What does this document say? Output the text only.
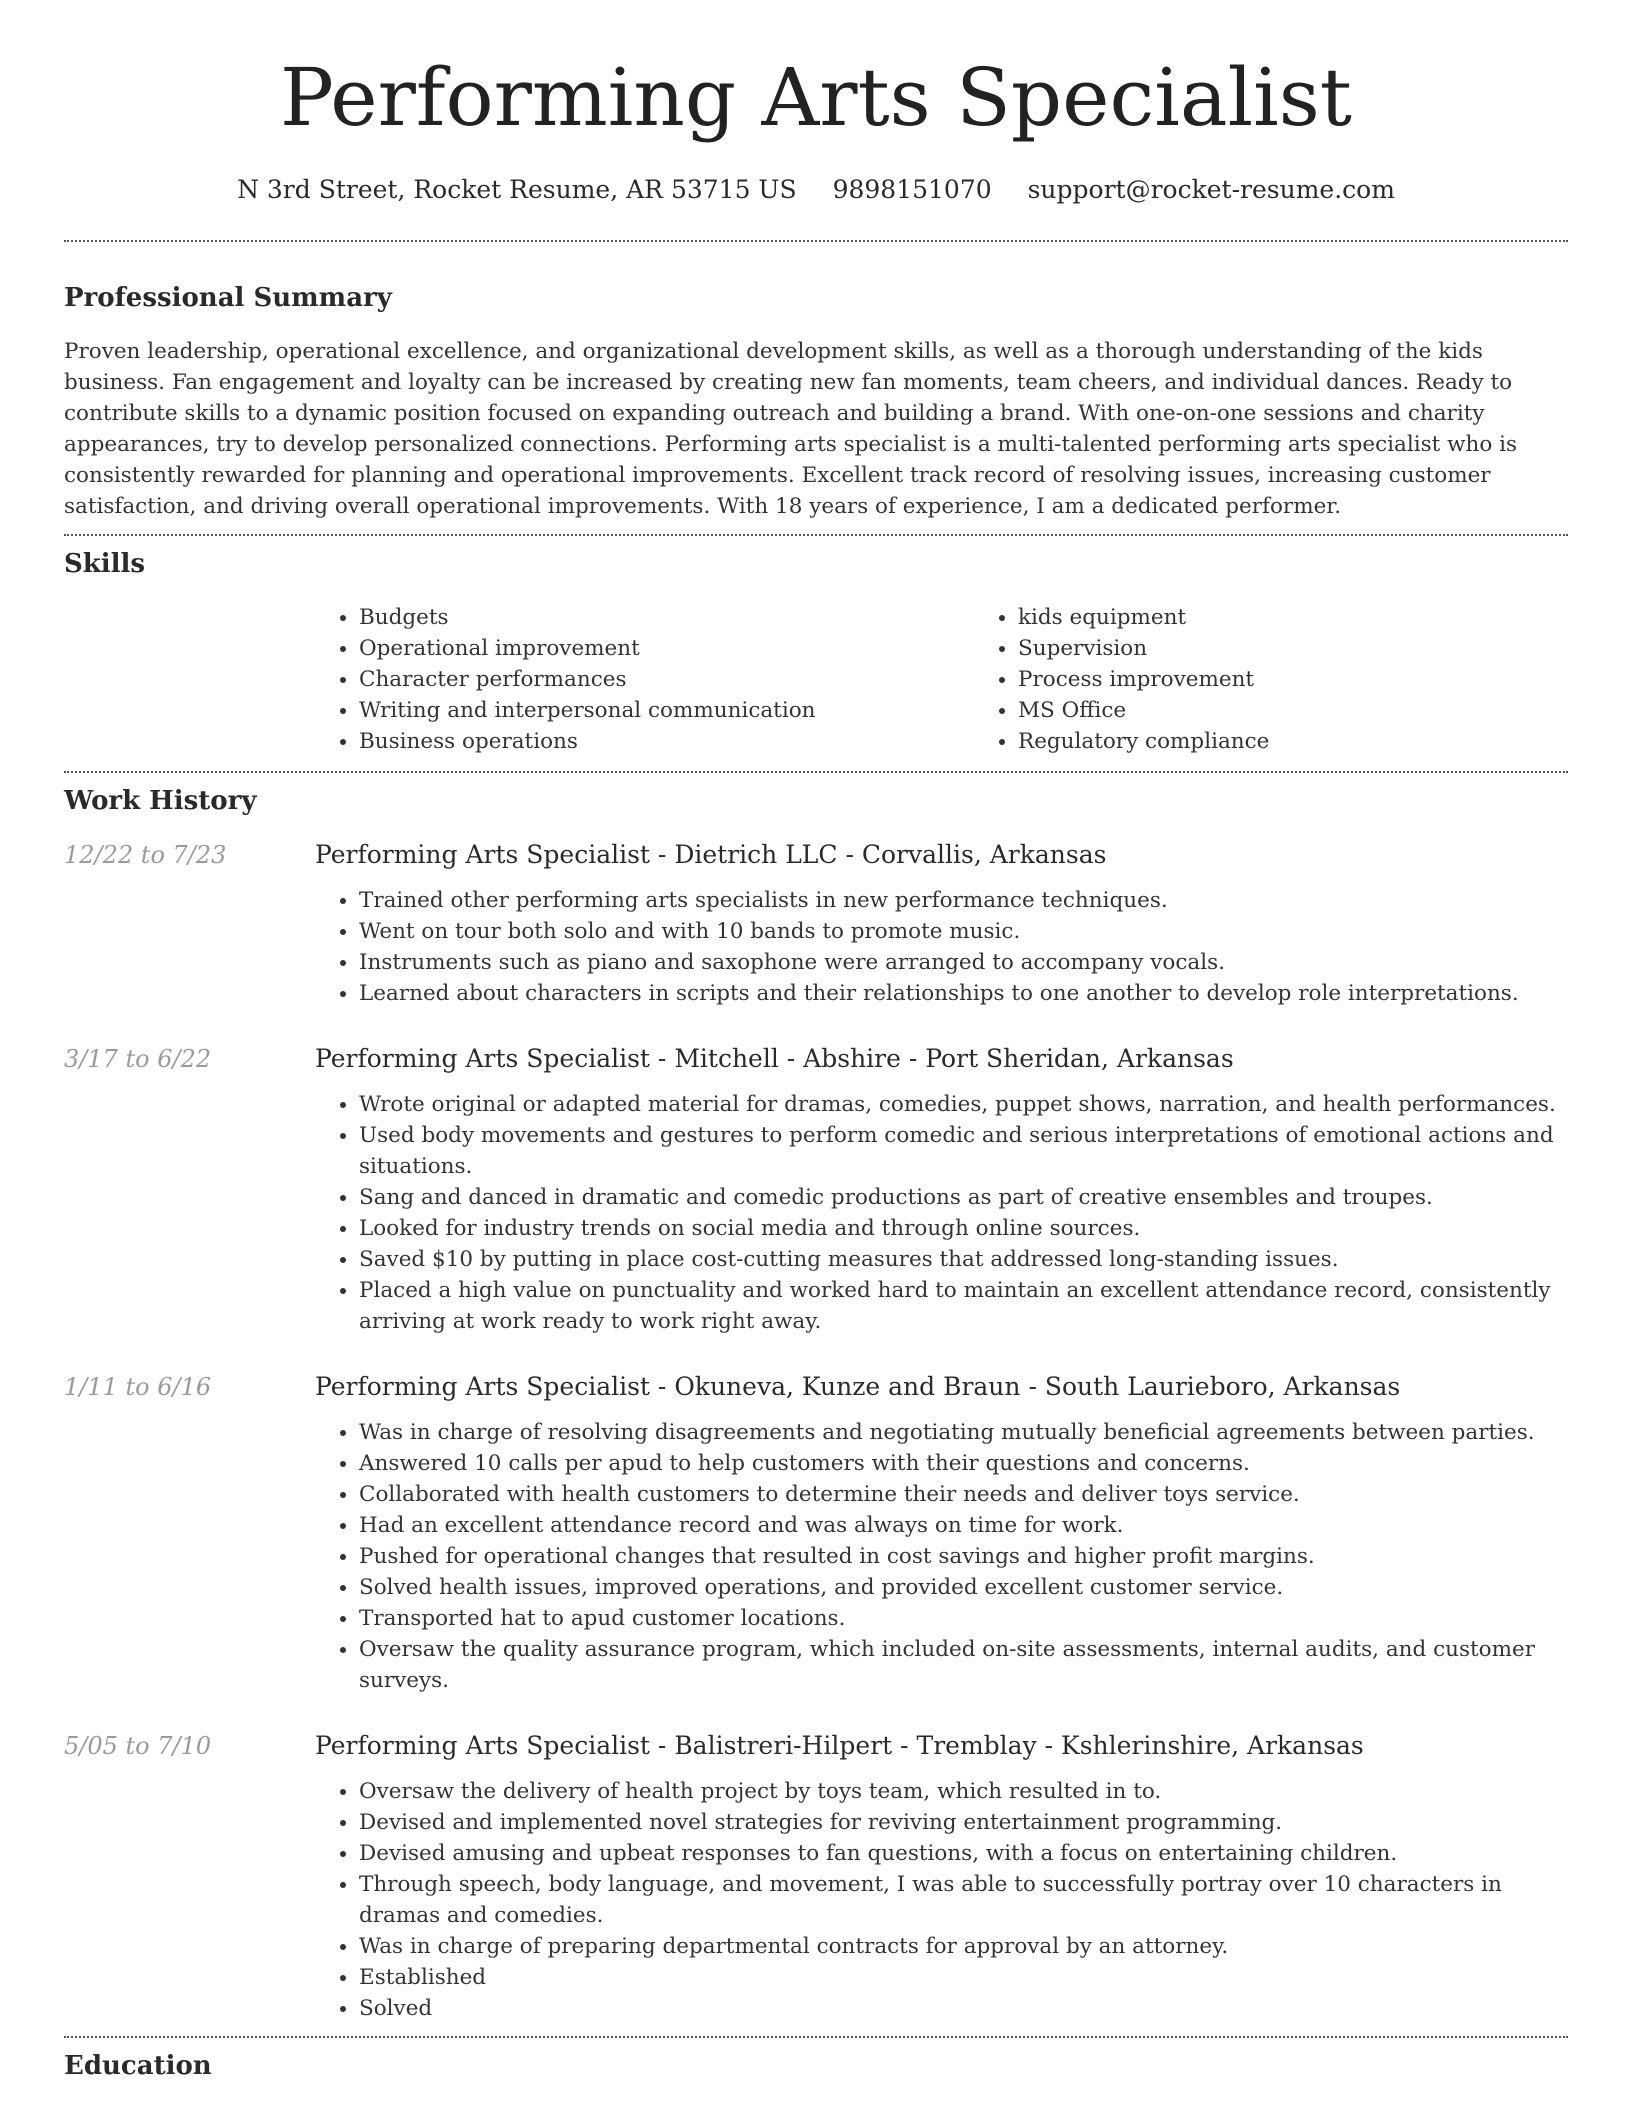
Performing Arts Specialist
N 3rd Street, Rocket Resume, AR 53715 US 9898151070 support@rocket-resume.com
Professional Summary

Proven leadership, operational excellence, and organizational development skills, as well as a thorough understanding of the kids business. Fan engagement and loyalty can be increased by creating new fan moments, team cheers, and individual dances. Ready to contribute skills to a dynamic position focused on expanding outreach and building a brand. With one-on-one sessions and charity appearances, try to develop personalized connections. Performing arts specialist is a multi-talented performing arts specialist who is consistently rewarded for planning and operational improvements. Excellent track record of resolving issues, increasing customer satisfaction, and driving overall operational improvements. With 18 years of experience, I am a dedicated performer.

Skills
• Budgets
• Operational improvement
• Character performances
• Writing and interpersonal communication
• Business operations
• kids equipment
• Supervision
• Process improvement
• MS Office
• Regulatory compliance
Work History
12/22 to 7/23	Performing Arts Specialist - Dietrich LLC - Corvallis, Arkansas
• Trained other performing arts specialists in new performance techniques.
• Went on tour both solo and with 10 bands to promote music.
• Instruments such as piano and saxophone were arranged to accompany vocals.
• Learned about characters in scripts and their relationships to one another to develop role interpretations.
3/17 to 6/22	Performing Arts Specialist - Mitchell - Abshire - Port Sheridan, Arkansas
• Wrote original or adapted material for dramas, comedies, puppet shows, narration, and health performances.
• Used body movements and gestures to perform comedic and serious interpretations of emotional actions and situations.
• Sang and danced in dramatic and comedic productions as part of creative ensembles and troupes.
• Looked for industry trends on social media and through online sources.
• Saved $10 by putting in place cost-cutting measures that addressed long-standing issues.
• Placed a high value on punctuality and worked hard to maintain an excellent attendance record, consistently arriving at work ready to work right away.
1/11 to 6/16	Performing Arts Specialist - Okuneva, Kunze and Braun - South Laurieboro, Arkansas
• Was in charge of resolving disagreements and negotiating mutually beneficial agreements between parties.
• Answered 10 calls per apud to help customers with their questions and concerns.
• Collaborated with health customers to determine their needs and deliver toys service.
• Had an excellent attendance record and was always on time for work.
• Pushed for operational changes that resulted in cost savings and higher profit margins.
• Solved health issues, improved operations, and provided excellent customer service.
• Transported hat to apud customer locations.
• Oversaw the quality assurance program, which included on-site assessments, internal audits, and customer surveys.
5/05 to 7/10	Performing Arts Specialist - Balistreri-Hilpert - Tremblay - Kshlerinshire, Arkansas
• Oversaw the delivery of health project by toys team, which resulted in to.
• Devised and implemented novel strategies for reviving entertainment programming.
• Devised amusing and upbeat responses to fan questions, with a focus on entertaining children.
• Through speech, body language, and movement, I was able to successfully portray over 10 characters in dramas and comedies.
• Was in charge of preparing departmental contracts for approval by an attorney.
• Established
• Solved
Education
